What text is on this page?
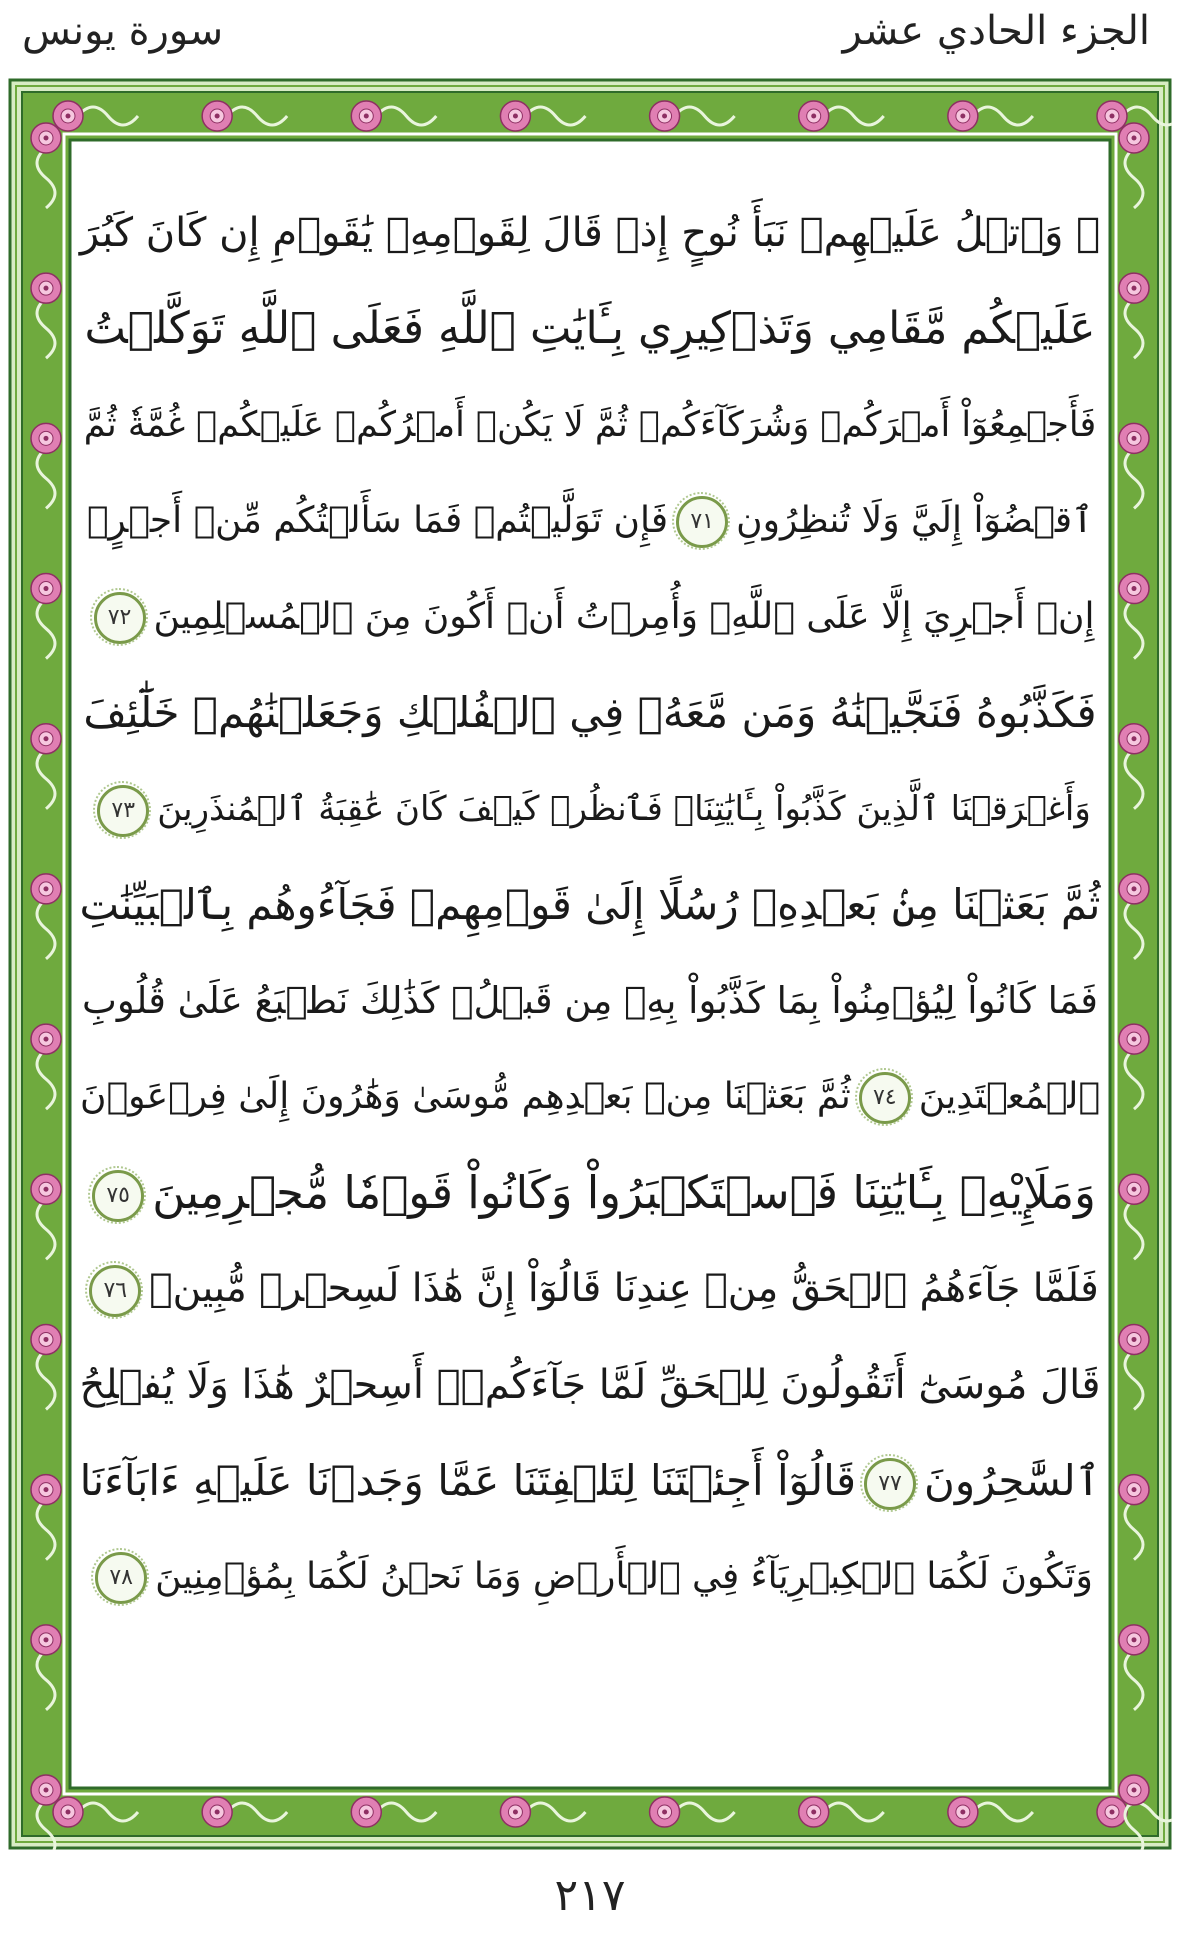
الجزء الحادي عشر
سورة يونس
۞ وَٱتۡلُ عَلَيۡهِمۡ نَبَأَ نُوحٍ إِذۡ قَالَ لِقَوۡمِهِۦ يَٰقَوۡمِ إِن كَانَ كَبُرَ
عَلَيۡكُم مَّقَامِي وَتَذۡكِيرِي بِـَٔايَٰتِ ٱللَّهِ فَعَلَى ٱللَّهِ تَوَكَّلۡتُ
فَأَجۡمِعُوٓاْ أَمۡرَكُمۡ وَشُرَكَآءَكُمۡ ثُمَّ لَا يَكُنۡ أَمۡرُكُمۡ عَلَيۡكُمۡ غُمَّةٗ ثُمَّ
ٱقۡضُوٓاْ إِلَيَّ وَلَا تُنظِرُونِ٧١فَإِن تَوَلَّيۡتُمۡ فَمَا سَأَلۡتُكُم مِّنۡ أَجۡرٍۖ
إِنۡ أَجۡرِيَ إِلَّا عَلَى ٱللَّهِۖ وَأُمِرۡتُ أَنۡ أَكُونَ مِنَ ٱلۡمُسۡلِمِينَ٧٢
فَكَذَّبُوهُ فَنَجَّيۡنَٰهُ وَمَن مَّعَهُۥ فِي ٱلۡفُلۡكِ وَجَعَلۡنَٰهُمۡ خَلَٰٓئِفَ
وَأَغۡرَقۡنَا ٱلَّذِينَ كَذَّبُواْ بِـَٔايَٰتِنَاۖ فَٱنظُرۡ كَيۡفَ كَانَ عَٰقِبَةُ ٱلۡمُنذَرِينَ٧٣
ثُمَّ بَعَثۡنَا مِنۢ بَعۡدِهِۦ رُسُلًا إِلَىٰ قَوۡمِهِمۡ فَجَآءُوهُم بِٱلۡبَيِّنَٰتِ
فَمَا كَانُواْ لِيُؤۡمِنُواْ بِمَا كَذَّبُواْ بِهِۦ مِن قَبۡلُۚ كَذَٰلِكَ نَطۡبَعُ عَلَىٰ قُلُوبِ
ٱلۡمُعۡتَدِينَ٧٤ثُمَّ بَعَثۡنَا مِنۢ بَعۡدِهِم مُّوسَىٰ وَهَٰرُونَ إِلَىٰ فِرۡعَوۡنَ
وَمَلَإِيْهِۦ بِـَٔايَٰتِنَا فَٱسۡتَكۡبَرُواْ وَكَانُواْ قَوۡمٗا مُّجۡرِمِينَ٧٥
فَلَمَّا جَآءَهُمُ ٱلۡحَقُّ مِنۡ عِندِنَا قَالُوٓاْ إِنَّ هَٰذَا لَسِحۡرٞ مُّبِينٞ٧٦
قَالَ مُوسَىٰٓ أَتَقُولُونَ لِلۡحَقِّ لَمَّا جَآءَكُمۡۖ أَسِحۡرٌ هَٰذَا وَلَا يُفۡلِحُ
ٱلسَّٰحِرُونَ٧٧قَالُوٓاْ أَجِئۡتَنَا لِتَلۡفِتَنَا عَمَّا وَجَدۡنَا عَلَيۡهِ ءَابَآءَنَا
وَتَكُونَ لَكُمَا ٱلۡكِبۡرِيَآءُ فِي ٱلۡأَرۡضِ وَمَا نَحۡنُ لَكُمَا بِمُؤۡمِنِينَ٧٨
٢١٧
